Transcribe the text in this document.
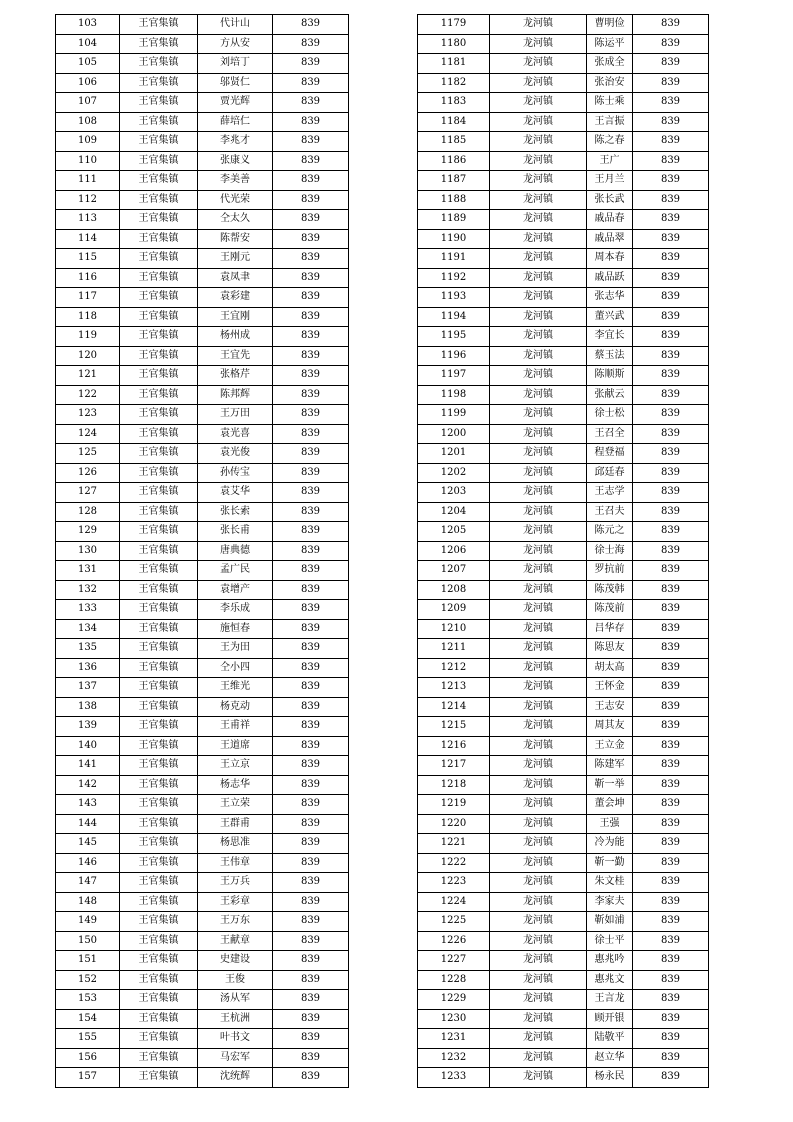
103	王官集镇	代计山	839
104	王官集镇	方从安	839
105	王官集镇	刘培丁	839
106	王官集镇	邬贤仁	839
107	王官集镇	贾光辉	839
108	王官集镇	薛培仁	839
109	王官集镇	李兆才	839
110	王官集镇	张康义	839
111	王官集镇	李美善	839
112	王官集镇	代光荣	839
113	王官集镇	仝太久	839
114	王官集镇	陈帮安	839
115	王官集镇	王刚元	839
116	王官集镇	袁凤聿	839
117	王官集镇	袁彩建	839
118	王官集镇	王宜刚	839
119	王官集镇	杨州成	839
120	王官集镇	王宜先	839
121	王官集镇	张格芹	839
122	王官集镇	陈邦辉	839
123	王官集镇	王万田	839
124	王官集镇	袁光喜	839
125	王官集镇	袁光俊	839
126	王官集镇	孙传宝	839
127	王官集镇	袁艾华	839
128	王官集镇	张长索	839
129	王官集镇	张长甫	839
130	王官集镇	唐典德	839
131	王官集镇	孟广民	839
132	王官集镇	袁增产	839
133	王官集镇	李乐成	839
134	王官集镇	施恒春	839
135	王官集镇	王为田	839
136	王官集镇	仝小四	839
137	王官集镇	王维光	839
138	王官集镇	杨克动	839
139	王官集镇	王甫祥	839
140	王官集镇	王道席	839
141	王官集镇	王立京	839
142	王官集镇	杨志华	839
143	王官集镇	王立荣	839
144	王官集镇	王群甫	839
145	王官集镇	杨思准	839
146	王官集镇	王伟章	839
147	王官集镇	王万兵	839
148	王官集镇	王彩章	839
149	王官集镇	王万东	839
150	王官集镇	王献章	839
151	王官集镇	史建设	839
152	王官集镇	王俊	839
153	王官集镇	汤从军	839
154	王官集镇	王杭洲	839
155	王官集镇	叶书文	839
156	王官集镇	马宏军	839
157	王官集镇	沈统辉	839
1179	龙河镇	曹明俭	839
1180	龙河镇	陈运平	839
1181	龙河镇	张成全	839
1182	龙河镇	张治安	839
1183	龙河镇	陈士乘	839
1184	龙河镇	王言振	839
1185	龙河镇	陈之春	839
1186	龙河镇	王广	839
1187	龙河镇	王月兰	839
1188	龙河镇	张长武	839
1189	龙河镇	戚品春	839
1190	龙河镇	戚品翠	839
1191	龙河镇	周本春	839
1192	龙河镇	戚品跃	839
1193	龙河镇	张志华	839
1194	龙河镇	董兴武	839
1195	龙河镇	李宜长	839
1196	龙河镇	蔡玉法	839
1197	龙河镇	陈顺斯	839
1198	龙河镇	张献云	839
1199	龙河镇	徐士松	839
1200	龙河镇	王召全	839
1201	龙河镇	程登福	839
1202	龙河镇	邱廷春	839
1203	龙河镇	王志学	839
1204	龙河镇	王召夫	839
1205	龙河镇	陈元之	839
1206	龙河镇	徐士海	839
1207	龙河镇	罗抗前	839
1208	龙河镇	陈茂韩	839
1209	龙河镇	陈茂前	839
1210	龙河镇	吕华存	839
1211	龙河镇	陈思友	839
1212	龙河镇	胡太高	839
1213	龙河镇	王怀金	839
1214	龙河镇	王志安	839
1215	龙河镇	周其友	839
1216	龙河镇	王立金	839
1217	龙河镇	陈建军	839
1218	龙河镇	靳一举	839
1219	龙河镇	董会坤	839
1220	龙河镇	王强	839
1221	龙河镇	冷为能	839
1222	龙河镇	靳一勤	839
1223	龙河镇	朱文桂	839
1224	龙河镇	李家夫	839
1225	龙河镇	靳如浦	839
1226	龙河镇	徐士平	839
1227	龙河镇	惠兆吟	839
1228	龙河镇	惠兆文	839
1229	龙河镇	王言龙	839
1230	龙河镇	顾开银	839
1231	龙河镇	陆敬平	839
1232	龙河镇	赵立华	839
1233	龙河镇	杨永民	839
